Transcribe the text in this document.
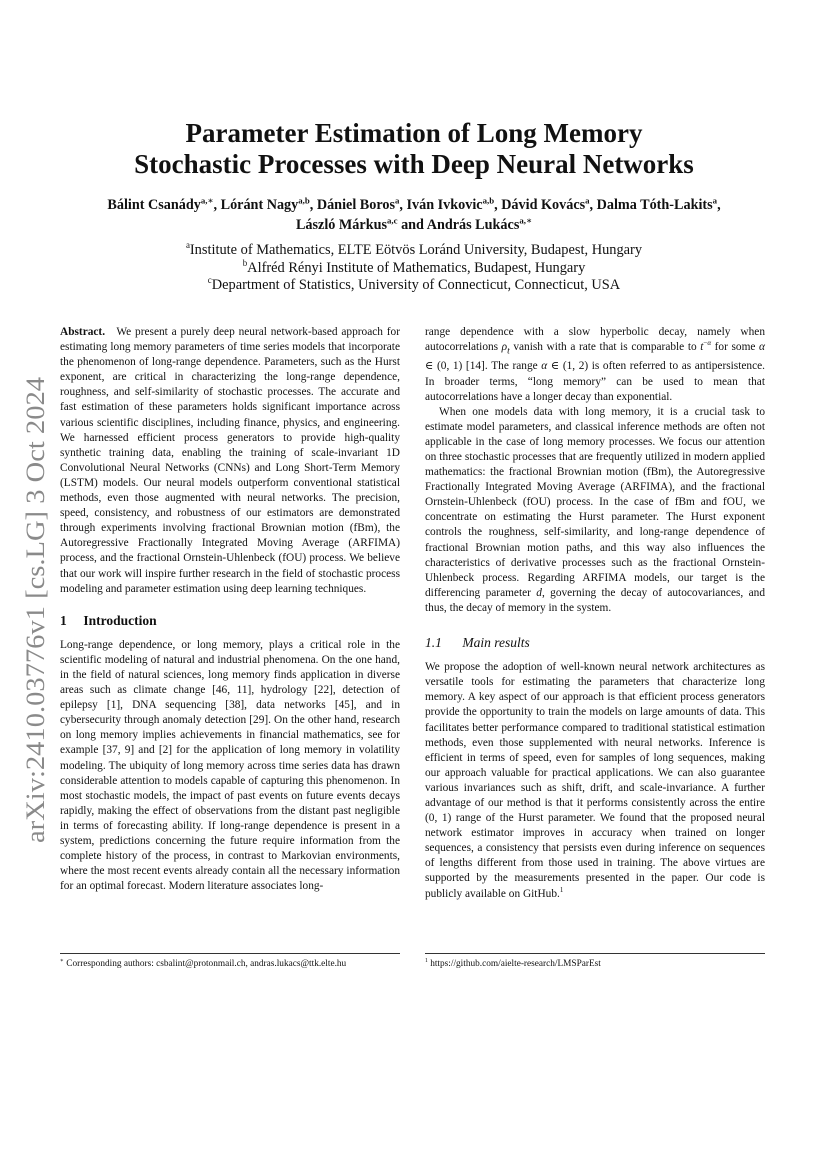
arXiv:2410.03776v1 [cs.LG] 3 Oct 2024
Parameter Estimation of Long Memory
Stochastic Processes with Deep Neural Networks
Bálint Csanády$^{a,∗}$, Lóránt Nagy$^{a,b}$, Dániel Boros$^a$, Iván Ivkovic$^{a,b}$, Dávid Kovács$^a$, Dalma Tóth-Lakits$^a$,
László Márkus$^{a,c}$ and András Lukács$^{a,∗}$
$^a$Institute of Mathematics, ELTE Eötvös Loránd University, Budapest, Hungary
$^b$Alfréd Rényi Institute of Mathematics, Budapest, Hungary
$^c$Department of Statistics, University of Connecticut, Connecticut, USA

Abstract. We present a purely deep neural network-based approach for estimating long memory parameters of time series models that incorporate the phenomenon of long-range dependence. Parameters, such as the Hurst exponent, are critical in characterizing the long-range dependence, roughness, and self-similarity of stochastic processes. The accurate and fast estimation of these parameters holds significant importance across various scientific disciplines, including finance, physics, and engineering. We harnessed efficient process generators to provide high-quality synthetic training data, enabling the training of scale-invariant 1D Convolutional Neural Networks (CNNs) and Long Short-Term Memory (LSTM) models. Our neural models outperform conventional statistical methods, even those augmented with neural networks. The precision, speed, consistency, and robustness of our estimators are demonstrated through experiments involving fractional Brownian motion (fBm), the Autoregressive Fractionally Integrated Moving Average (ARFIMA) process, and the fractional Ornstein-Uhlenbeck (fOU) process. We believe that our work will inspire further research in the field of stochastic process modeling and parameter estimation using deep learning techniques.

1 Introduction

Long-range dependence, or long memory, plays a critical role in the scientific modeling of natural and industrial phenomena. On the one hand, in the field of natural sciences, long memory finds application in diverse areas such as climate change [46, 11], hydrology [22], detection of epilepsy [1], DNA sequencing [38], data networks [45], and in cybersecurity through anomaly detection [29]. On the other hand, research on long memory implies achievements in financial mathematics, see for example [37, 9] and [2] for the application of long memory in volatility modeling. The ubiquity of long memory across time series data has drawn considerable attention to models capable of capturing this phenomenon. In most stochastic models, the impact of past events on future events decays rapidly, making the effect of observations from the distant past negligible in terms of forecasting ability. If long-range dependence is present in a system, predictions concerning the future require information from the complete history of the process, in contrast to Markovian environments, where the most recent events already contain all the necessary information for an optimal forecast. Modern literature associates long-

range dependence with a slow hyperbolic decay, namely when autocorrelations $\rho_t$ vanish with a rate that is comparable to $t^{-\alpha}$ for some α ∈ (0, 1) [14]. The range α ∈ (1, 2) is often referred to as antipersistence. In broader terms, “long memory” can be used to mean that autocorrelations have a longer decay than exponential.

When one models data with long memory, it is a crucial task to estimate model parameters, and classical inference methods are often not applicable in the case of long memory processes. We focus our attention on three stochastic processes that are frequently utilized in modern applied mathematics: the fractional Brownian motion (fBm), the Autoregressive Fractionally Integrated Moving Average (ARFIMA), and the fractional Ornstein-Uhlenbeck (fOU) process. In the case of fBm and fOU, we concentrate on estimating the Hurst parameter. The Hurst exponent controls the roughness, self-similarity, and long-range dependence of fractional Brownian motion paths, and this way also influences the characteristics of derivative processes such as the fractional Ornstein-Uhlenbeck process. Regarding ARFIMA models, our target is the differencing parameter d, governing the decay of autocovariances, and thus, the decay of memory in the system.

1.1 Main results

We propose the adoption of well-known neural network architectures as versatile tools for estimating the parameters that characterize long memory. A key aspect of our approach is that efficient process generators provide the opportunity to train the models on large amounts of data. This facilitates better performance compared to traditional statistical estimation methods, even those supplemented with neural networks. Inference is efficient in terms of speed, even for samples of long sequences, making our approach valuable for practical applications. We can also guarantee various invariances such as shift, drift, and scale-invariance. A further advantage of our method is that it performs consistently across the entire (0, 1) range of the Hurst parameter. We found that the proposed neural network estimator improves in accuracy when trained on longer sequences, a consistency that persists even during inference on sequences of lengths different from those used in training. The above virtues are supported by the measurements presented in the paper. Our code is publicly available on GitHub.$^1$

∗ Corresponding authors: csbalint@protonmail.ch, andras.lukacs@ttk.elte.hu	$^1$ https://github.com/aielte-research/LMSParEst
